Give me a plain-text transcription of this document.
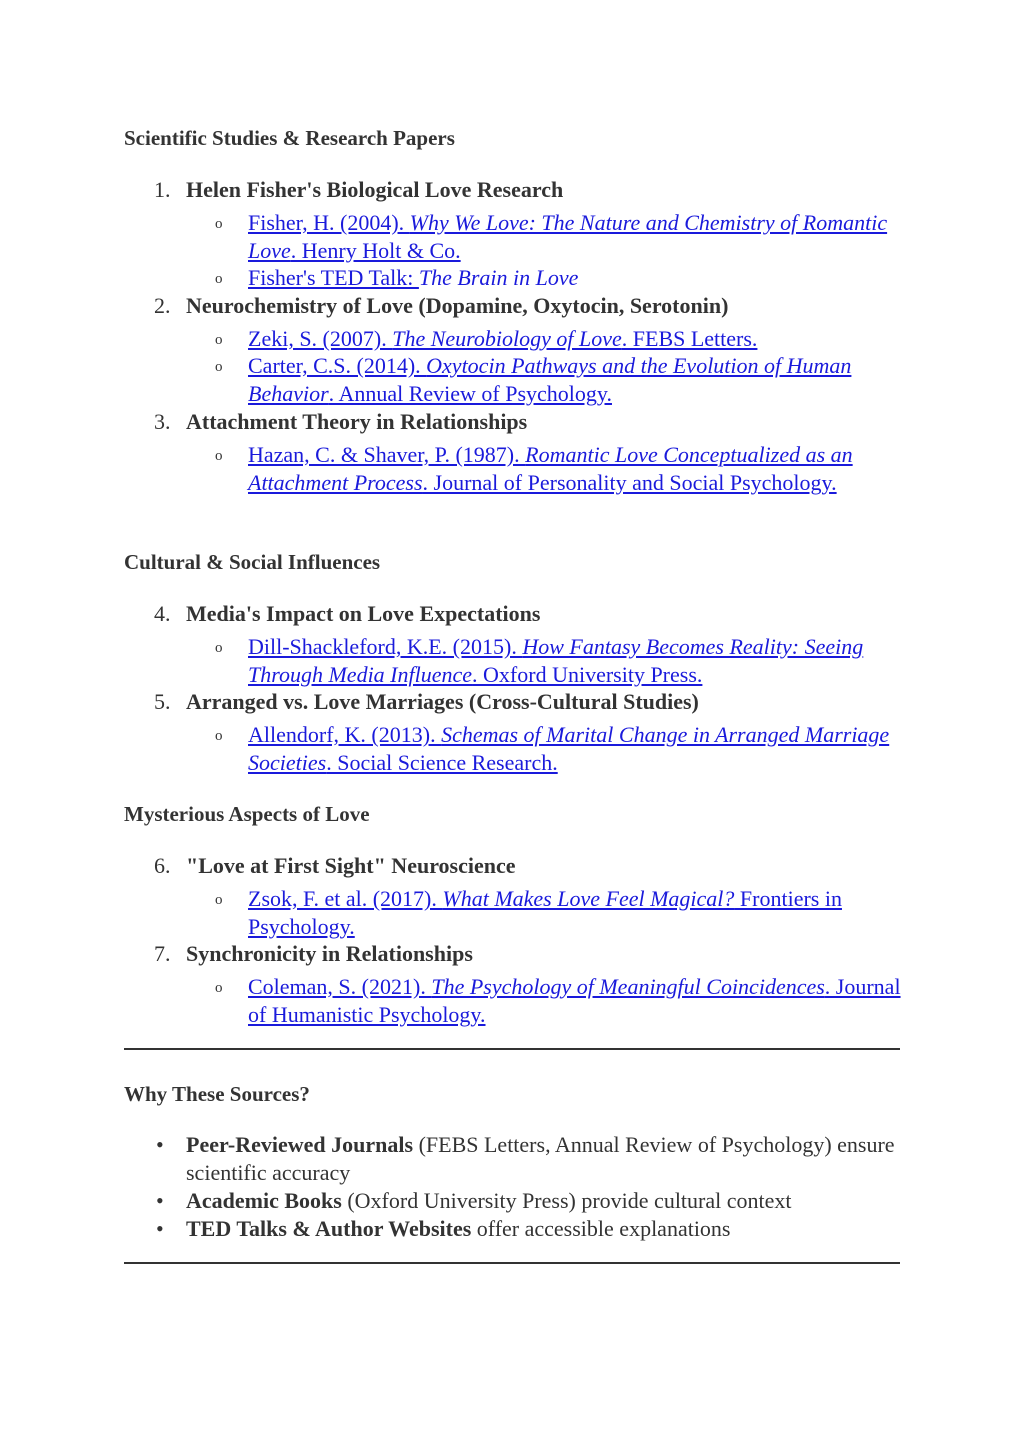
Scientific Studies & Research Papers
1. Helen Fisher's Biological Love Research
o Fisher, H. (2004). Why We Love: The Nature and Chemistry of Romantic Love. Henry Holt & Co.
o Fisher's TED Talk: The Brain in Love
2. Neurochemistry of Love (Dopamine, Oxytocin, Serotonin)
o Zeki, S. (2007). The Neurobiology of Love. FEBS Letters.
o Carter, C.S. (2014). Oxytocin Pathways and the Evolution of Human Behavior. Annual Review of Psychology.
3. Attachment Theory in Relationships
o Hazan, C. & Shaver, P. (1987). Romantic Love Conceptualized as an Attachment Process. Journal of Personality and Social Psychology.
Cultural & Social Influences
4. Media's Impact on Love Expectations
o Dill-Shackleford, K.E. (2015). How Fantasy Becomes Reality: Seeing Through Media Influence. Oxford University Press.
5. Arranged vs. Love Marriages (Cross-Cultural Studies)
o Allendorf, K. (2013). Schemas of Marital Change in Arranged Marriage Societies. Social Science Research.
Mysterious Aspects of Love
6. "Love at First Sight" Neuroscience
o Zsok, F. et al. (2017). What Makes Love Feel Magical? Frontiers in Psychology.
7. Synchronicity in Relationships
o Coleman, S. (2021). The Psychology of Meaningful Coincidences. Journal of Humanistic Psychology.
Why These Sources?
• Peer-Reviewed Journals (FEBS Letters, Annual Review of Psychology) ensure scientific accuracy
• Academic Books (Oxford University Press) provide cultural context
• TED Talks & Author Websites offer accessible explanations
